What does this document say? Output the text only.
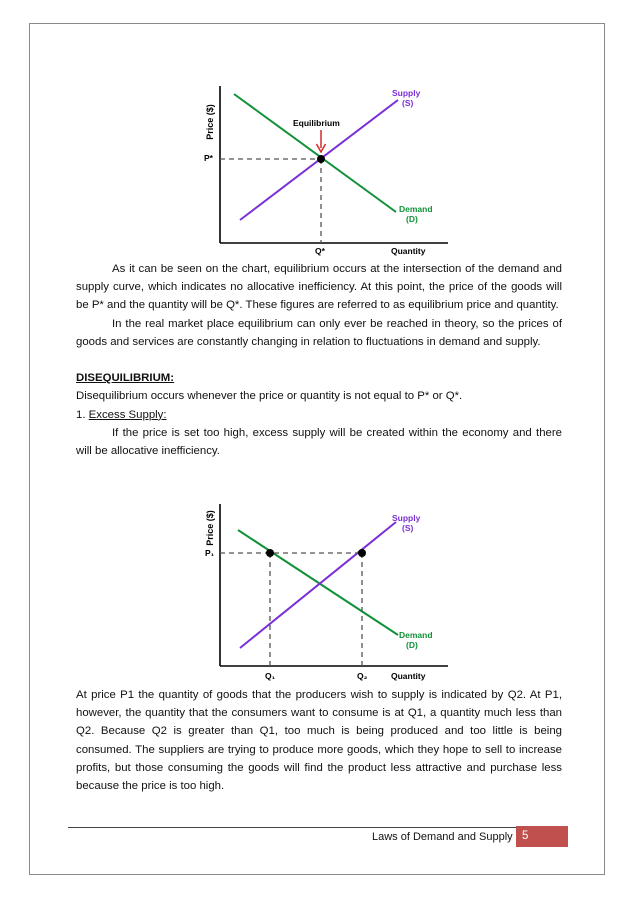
Price ($)
Quantity
Equilibrium
P*
Q*
Supply
(S)
Demand
(D)

As it can be seen on the chart, equilibrium occurs at the intersection of the demand and supply curve, which indicates no allocative inefficiency. At this point, the price of the goods will be P* and the quantity will be Q*. These figures are referred to as equilibrium price and quantity.

In the real market place equilibrium can only ever be reached in theory, so the prices of goods and services are constantly changing in relation to fluctuations in demand and supply.

DISEQUILIBRIUM:

Disequilibrium occurs whenever the price or quantity is not equal to P* or Q*.

1. Excess Supply:

If the price is set too high, excess supply will be created within the economy and there will be allocative inefficiency.

Price ($)
Quantity
P₁
Q₁	Q₂
Supply
(S)
Demand
(D)

At price P1 the quantity of goods that the producers wish to supply is indicated by Q2. At P1, however, the quantity that the consumers want to consume is at Q1, a quantity much less than Q2. Because Q2 is greater than Q1, too much is being produced and too little is being consumed. The suppliers are trying to produce more goods, which they hope to sell to increase profits, but those consuming the goods will find the product less attractive and purchase less because the price is too high.

Laws of Demand and Supply 5
